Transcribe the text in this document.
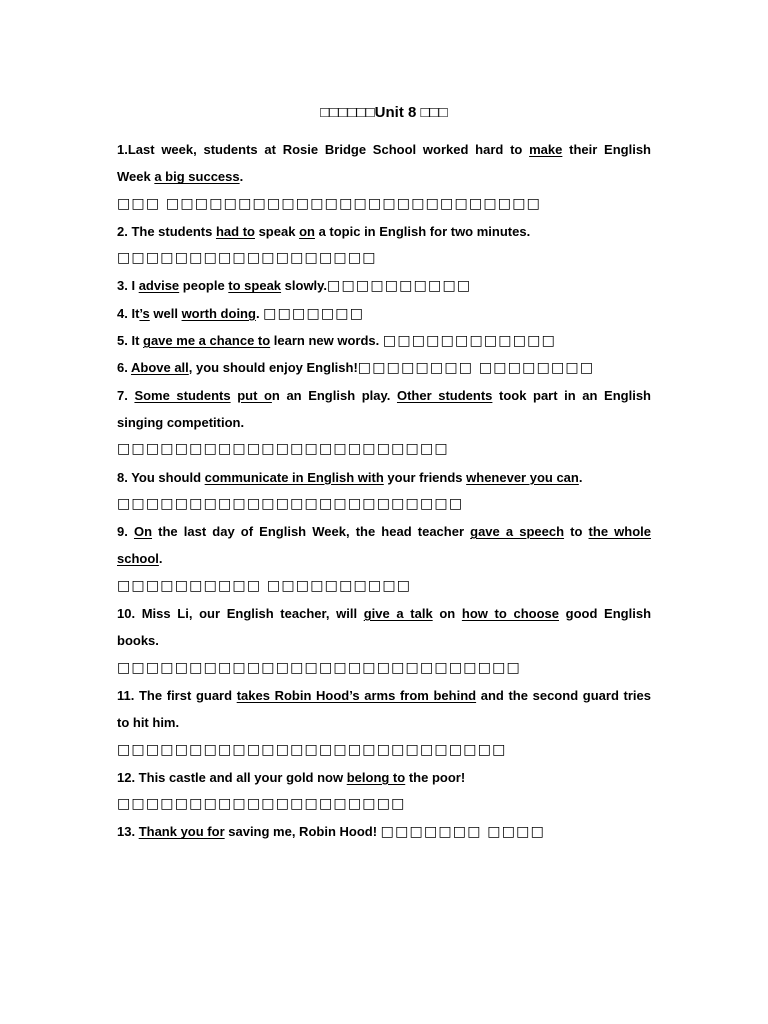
□□□□□□Unit 8 □□□
1.Last week, students at Rosie Bridge School worked hard to make their English
Week a big success.
□□□ □□□□□□□□□□□□□□□□□□□□□□□□□□
2. The students had to speak on a topic in English for two minutes.
□□□□□□□□□□□□□□□□□□
3. I advise people to speak slowly.□□□□□□□□□□
4. It’s well worth doing. □□□□□□□
5. It gave me a chance to learn new words. □□□□□□□□□□□□
6. Above all, you should enjoy English!□□□□□□□□ □□□□□□□□
7. Some students put on an English play. Other students took part in an English
singing competition.
□□□□□□□□□□□□□□□□□□□□□□□
8. You should communicate in English with your friends whenever you can.
□□□□□□□□□□□□□□□□□□□□□□□□
9. On the last day of English Week, the head teacher gave a speech to the whole
school.
□□□□□□□□□□ □□□□□□□□□□
10. Miss Li, our English teacher, will give a talk on how to choose good English
books.
□□□□□□□□□□□□□□□□□□□□□□□□□□□□
11. The first guard takes Robin Hood’s arms from behind and the second guard tries
to hit him.
□□□□□□□□□□□□□□□□□□□□□□□□□□□
12. This castle and all your gold now belong to the poor!
□□□□□□□□□□□□□□□□□□□□
13. Thank you for saving me, Robin Hood! □□□□□□□ □□□□
